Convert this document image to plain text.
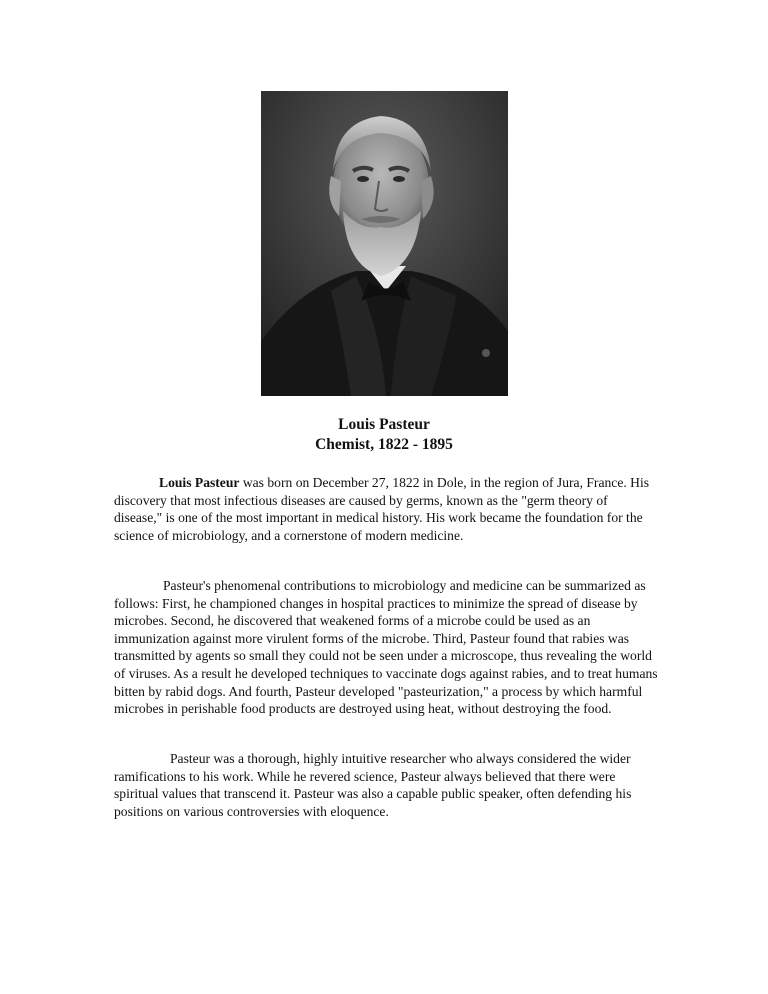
Louis Pasteur
Chemist, 1822 - 1895

Louis Pasteur was born on December 27, 1822 in Dole, in the region of Jura, France. His discovery that most infectious diseases are caused by germs, known as the "germ theory of disease," is one of the most important in medical history. His work became the foundation for the science of microbiology, and a cornerstone of modern medicine.

Pasteur's phenomenal contributions to microbiology and medicine can be summarized as follows: First, he championed changes in hospital practices to minimize the spread of disease by microbes. Second, he discovered that weakened forms of a microbe could be used as an immunization against more virulent forms of the microbe. Third, Pasteur found that rabies was transmitted by agents so small they could not be seen under a microscope, thus revealing the world of viruses. As a result he developed techniques to vaccinate dogs against rabies, and to treat humans bitten by rabid dogs. And fourth, Pasteur developed "pasteurization," a process by which harmful microbes in perishable food products are destroyed using heat, without destroying the food.

Pasteur was a thorough, highly intuitive researcher who always considered the wider ramifications to his work. While he revered science, Pasteur always believed that there were spiritual values that transcend it. Pasteur was also a capable public speaker, often defending his positions on various controversies with eloquence.
